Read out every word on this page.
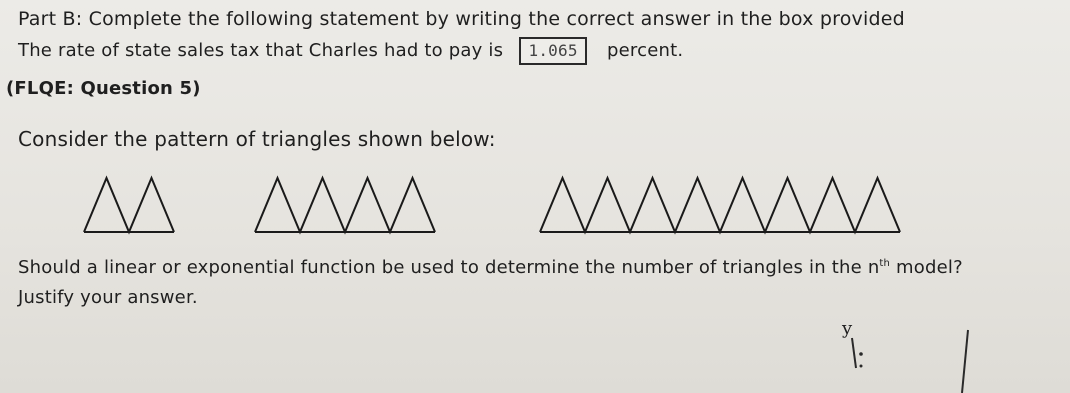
Part B: Complete the following statement by writing the correct answer in the box provided
The rate of state sales tax that Charles had to pay is 1.065 percent.
(FLQE: Question 5)
Consider the pattern of triangles shown below:
Should a linear or exponential function be used to determine the number of triangles in the $n^{th}$ model?
Justify your answer.
y
